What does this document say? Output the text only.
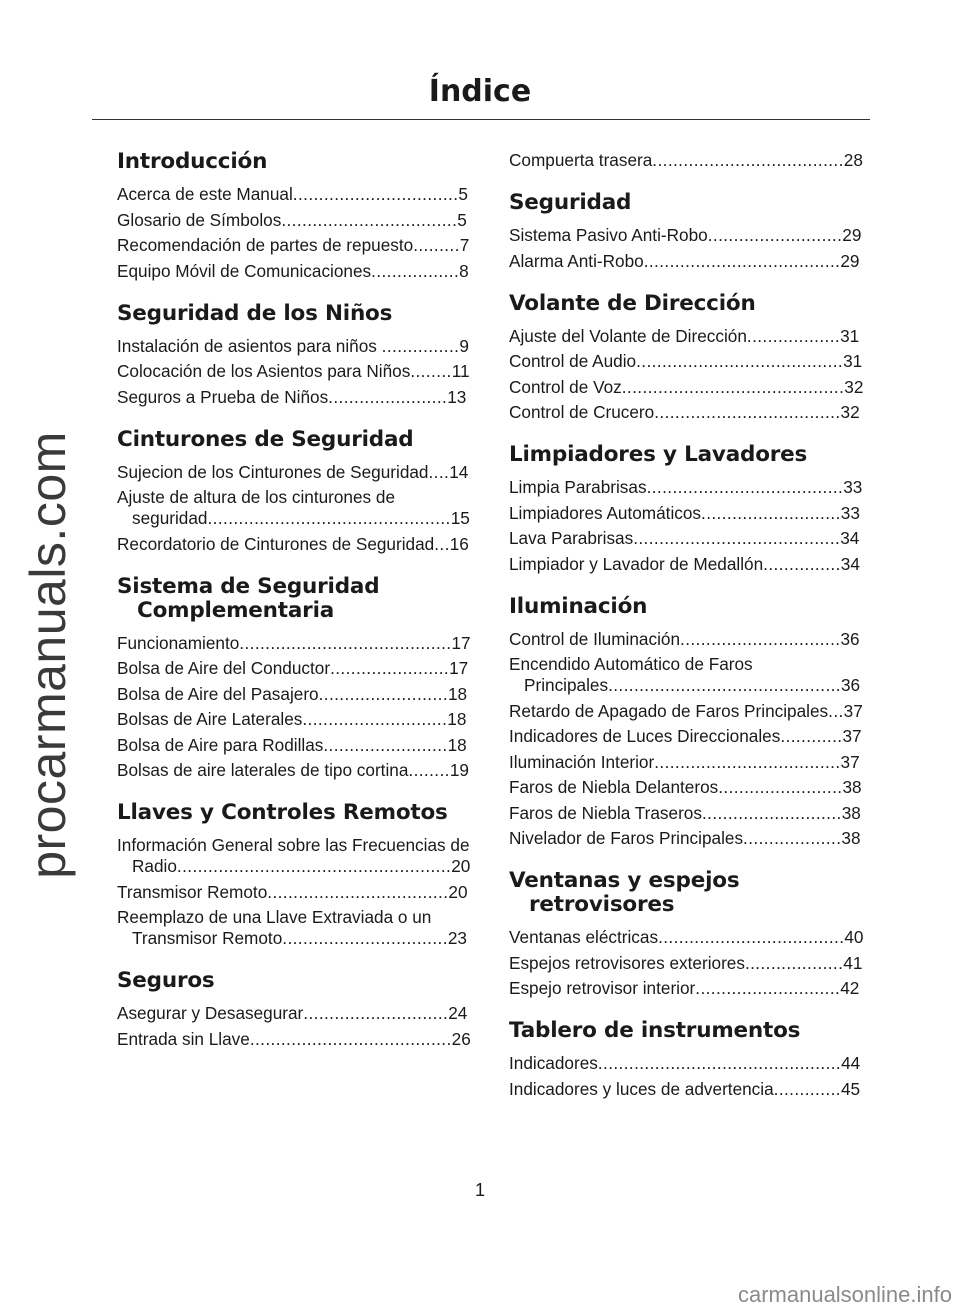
procarmanuals.com
Índice
Introducción
Acerca de este Manual................................5
Glosario de Símbolos..................................5
Recomendación de partes de repuesto.........7
Equipo Móvil de Comunicaciones.................8
Seguridad de los Niños
Instalación de asientos para niños ...............9
Colocación de los Asientos para Niños........11
Seguros a Prueba de Niños.......................13
Cinturones de Seguridad
Sujecion de los Cinturones de Seguridad....14
Ajuste de altura de los cinturones de seguridad...............................................15
Recordatorio de Cinturones de Seguridad...16
Sistema de Seguridad Complementaria
Funcionamiento.........................................17
Bolsa de Aire del Conductor.......................17
Bolsa de Aire del Pasajero.........................18
Bolsas de Aire Laterales............................18
Bolsa de Aire para Rodillas........................18
Bolsas de aire laterales de tipo cortina........19
Llaves y Controles Remotos
Información General sobre las Frecuencias de Radio.....................................................20
Transmisor Remoto...................................20
Reemplazo de una Llave Extraviada o un Transmisor Remoto................................23
Seguros
Asegurar y Desasegurar............................24
Entrada sin Llave.......................................26
Compuerta trasera.....................................28
Seguridad
Sistema Pasivo Anti-Robo..........................29
Alarma Anti-Robo......................................29
Volante de Dirección
Ajuste del Volante de Dirección..................31
Control de Audio........................................31
Control de Voz...........................................32
Control de Crucero....................................32
Limpiadores y Lavadores
Limpia Parabrisas......................................33
Limpiadores Automáticos...........................33
Lava Parabrisas........................................34
Limpiador y Lavador de Medallón...............34
Iluminación
Control de Iluminación...............................36
Encendido Automático de Faros Principales.............................................36
Retardo de Apagado de Faros Principales...37
Indicadores de Luces Direccionales............37
Iluminación Interior....................................37
Faros de Niebla Delanteros........................38
Faros de Niebla Traseros...........................38
Nivelador de Faros Principales...................38
Ventanas y espejos retrovisores
Ventanas eléctricas....................................40
Espejos retrovisores exteriores...................41
Espejo retrovisor interior............................42
Tablero de instrumentos
Indicadores...............................................44
Indicadores y luces de advertencia.............45

1

carmanualsonline.info
